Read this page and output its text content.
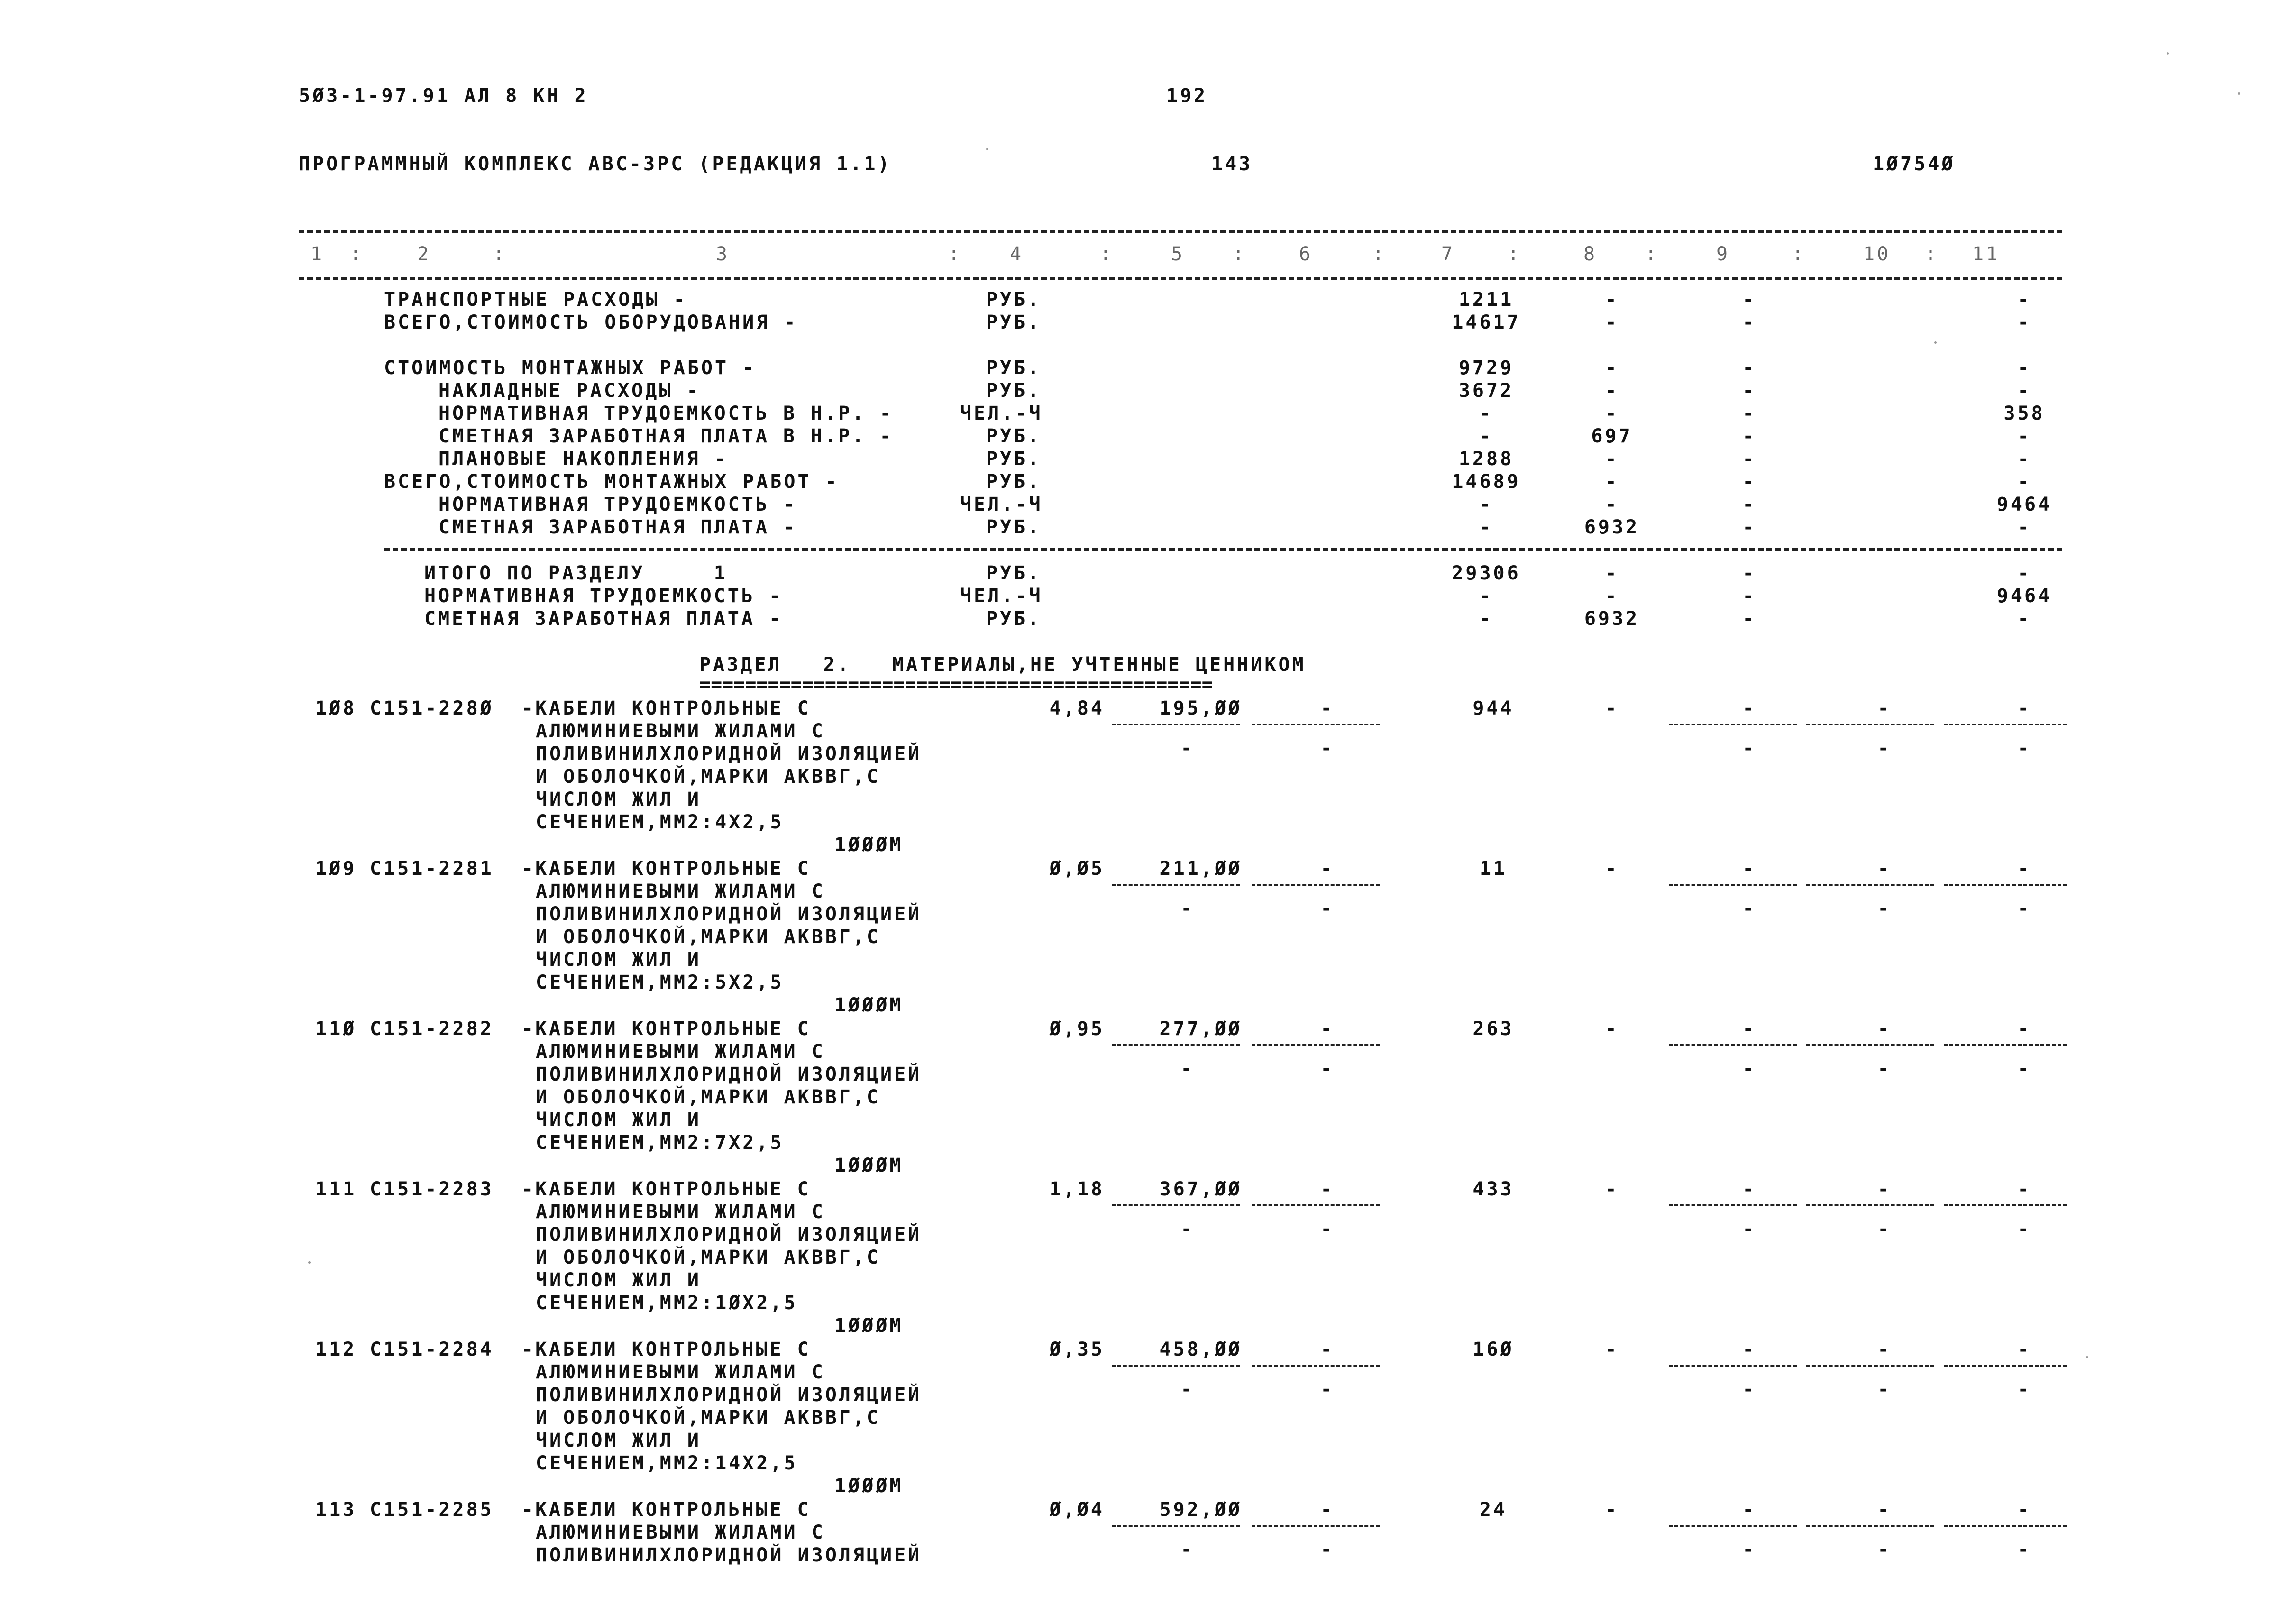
5Ø3-1-97.91 АЛ 8 КН 2	192
ПРОГРАММНЫЙ КОМПЛЕКС АВС-3РС (РЕДАКЦИЯ 1.1)	143	1Ø754Ø
1 :	2	:	3	:	4	:	5	:	6	:	7	:	8	:	9	:	10 : 11
ТРАНСПОРТНЫЕ РАСХОДЫ -	РУБ.	1211	-	-	-
ВСЕГО,СТОИМОСТЬ ОБОРУДОВАНИЯ -	РУБ.	14617	-	-	-
СТОИМОСТЬ МОНТАЖНЫХ РАБОТ -	РУБ.	9729	-	-	-
НАКЛАДНЫЕ РАСХОДЫ -	РУБ.	3672	-	-	-
НОРМАТИВНАЯ ТРУДОЕМКОСТЬ В Н.Р. -	ЧЕЛ.-Ч	-	-	-	358
СМЕТНАЯ ЗАРАБОТНАЯ ПЛАТА В Н.Р. -	РУБ.	-	697	-	-
ПЛАНОВЫЕ НАКОПЛЕНИЯ -	РУБ.	1288	-	-	-
ВСЕГО,СТОИМОСТЬ МОНТАЖНЫХ РАБОТ -	РУБ.	14689	-	-	-
НОРМАТИВНАЯ ТРУДОЕМКОСТЬ -	ЧЕЛ.-Ч	-	-	-	9464
СМЕТНАЯ ЗАРАБОТНАЯ ПЛАТА -	РУБ.	-	6932	-	-
ИТОГО ПО РАЗДЕЛУ     1	РУБ.	29306	-	-	-
НОРМАТИВНАЯ ТРУДОЕМКОСТЬ -	ЧЕЛ.-Ч	-	-	-	9464
СМЕТНАЯ ЗАРАБОТНАЯ ПЛАТА -	РУБ.	-	6932	-	-
РАЗДЕЛ   2.   МАТЕРИАЛЫ,НЕ УЧТЕННЫЕ ЦЕННИКОМ
=============================================
1Ø8 С151-228Ø -КАБЕЛИ КОНТРОЛЬНЫЕ С
АЛЮМИНИЕВЫМИ ЖИЛАМИ С
ПОЛИВИНИЛХЛОРИДНОЙ ИЗОЛЯЦИЕЙ
И ОБОЛОЧКОЙ,МАРКИ АКВВГ,С
ЧИСЛОМ ЖИЛ И
СЕЧЕНИЕМ,ММ2:4Х2,5
1ØØØМ
4,84	195,ØØ	-	944	-	-	-	-
-	-	-	-	-
1Ø9 С151-2281 -КАБЕЛИ КОНТРОЛЬНЫЕ С
АЛЮМИНИЕВЫМИ ЖИЛАМИ С
ПОЛИВИНИЛХЛОРИДНОЙ ИЗОЛЯЦИЕЙ
И ОБОЛОЧКОЙ,МАРКИ АКВВГ,С
ЧИСЛОМ ЖИЛ И
СЕЧЕНИЕМ,ММ2:5Х2,5
1ØØØМ
Ø,Ø5	211,ØØ	-	11	-	-	-	-
-	-	-	-	-
11Ø С151-2282 -КАБЕЛИ КОНТРОЛЬНЫЕ С
АЛЮМИНИЕВЫМИ ЖИЛАМИ С
ПОЛИВИНИЛХЛОРИДНОЙ ИЗОЛЯЦИЕЙ
И ОБОЛОЧКОЙ,МАРКИ АКВВГ,С
ЧИСЛОМ ЖИЛ И
СЕЧЕНИЕМ,ММ2:7Х2,5
1ØØØМ
Ø,95	277,ØØ	-	263	-	-	-	-
-	-	-	-	-
111 С151-2283 -КАБЕЛИ КОНТРОЛЬНЫЕ С
АЛЮМИНИЕВЫМИ ЖИЛАМИ С
ПОЛИВИНИЛХЛОРИДНОЙ ИЗОЛЯЦИЕЙ
И ОБОЛОЧКОЙ,МАРКИ АКВВГ,С
ЧИСЛОМ ЖИЛ И
СЕЧЕНИЕМ,ММ2:1ØХ2,5
1ØØØМ
1,18	367,ØØ	-	433	-	-	-	-
-	-	-	-	-
112 С151-2284 -КАБЕЛИ КОНТРОЛЬНЫЕ С
АЛЮМИНИЕВЫМИ ЖИЛАМИ С
ПОЛИВИНИЛХЛОРИДНОЙ ИЗОЛЯЦИЕЙ
И ОБОЛОЧКОЙ,МАРКИ АКВВГ,С
ЧИСЛОМ ЖИЛ И
СЕЧЕНИЕМ,ММ2:14Х2,5
1ØØØМ
Ø,35	458,ØØ	-	16Ø	-	-	-	-
-	-	-	-	-
113 С151-2285 -КАБЕЛИ КОНТРОЛЬНЫЕ С
АЛЮМИНИЕВЫМИ ЖИЛАМИ С
ПОЛИВИНИЛХЛОРИДНОЙ ИЗОЛЯЦИЕЙ
Ø,Ø4	592,ØØ	-	24	-	-	-	-
-	-	-	-	-
